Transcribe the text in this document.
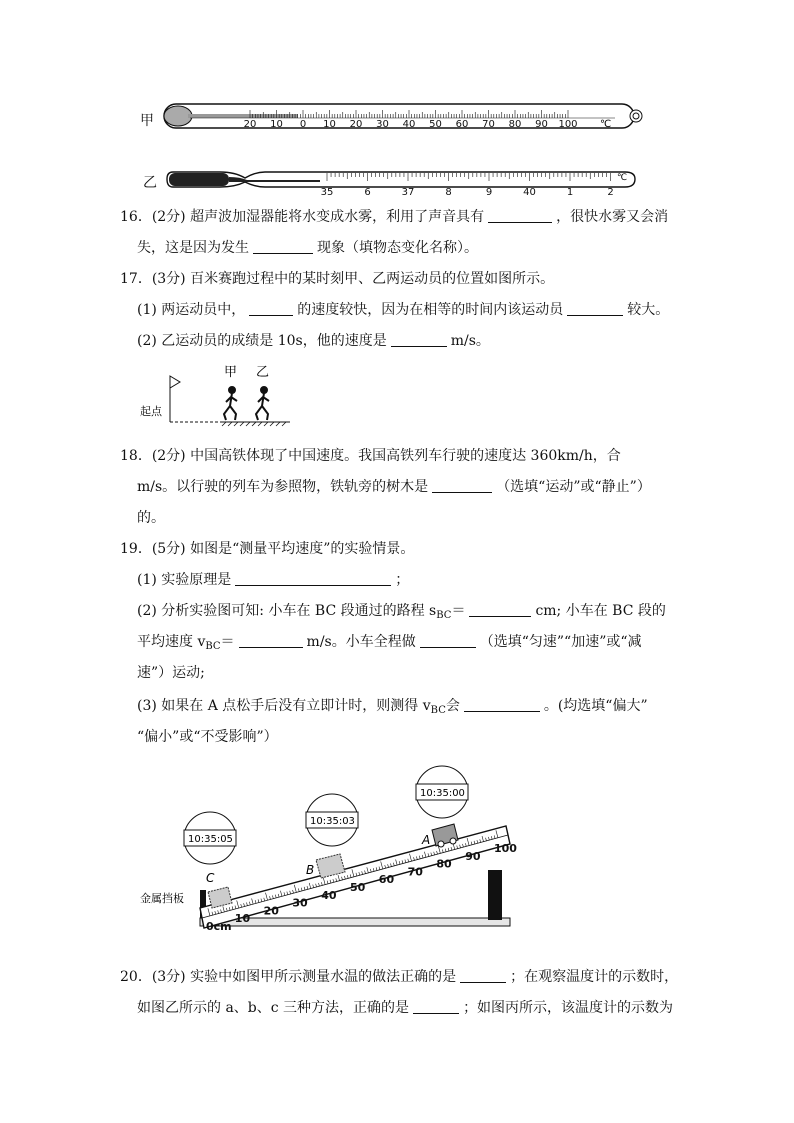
甲	20 10 0 10 20 30 40 50 60 70 80 90 100 ℃
乙
35	6	37	8	9	40	1	2
℃
16．(2分) 超声波加湿器能将水变成水雾，利用了声音具有	，很快水雾又会消
失，这是因为发生	现象（填物态变化名称）。
17．(3分) 百米赛跑过程中的某时刻甲、乙两运动员的位置如图所示。
(1) 两运动员中，	的速度较快，因为在相等的时间内该运动员	较大。
(2) 乙运动员的成绩是 10s，他的速度是	m/s。
起点
甲 乙
18．(2分) 中国高铁体现了中国速度。我国高铁列车行驶的速度达 360km/h，合
m/s。以行驶的列车为参照物，铁轨旁的树木是	（选填“运动”或“静止”）
的。
19．(5分) 如图是“测量平均速度”的实验情景。
(1) 实验原理是	；
(2) 分析实验图可知: 小车在 BC 段通过的路程 $s_{BC}=$	cm; 小车在 BC 段的
平均速度 $v_{BC}=$	m/s。小车全程做	（选填“匀速”“加速”或“减
速”）运动;
(3) 如果在 A 点松手后没有立即计时，则测得 $v_{BC}$会	。(均选填“偏大”
“偏小”或“不受影响”）
金属挡板
0cm
10
20
30
40
50
60
70
80
90
100
C
B
A
10:35:05
10:35:03
10:35:00
20．(3分) 实验中如图甲所示测量水温的做法正确的是	；在观察温度计的示数时，
如图乙所示的 a、b、c 三种方法，正确的是	；如图丙所示，该温度计的示数为
